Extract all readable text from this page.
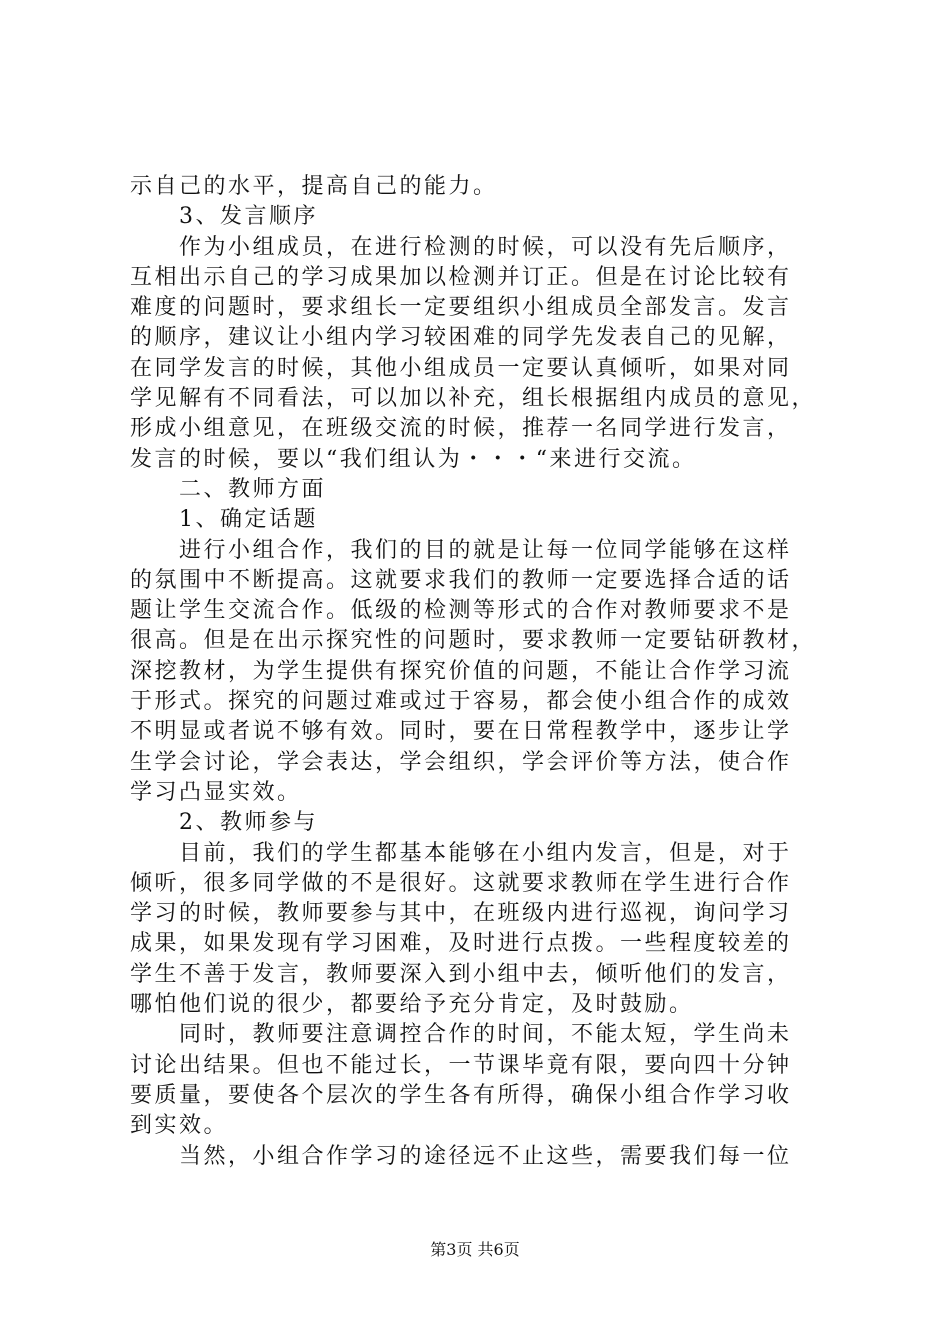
示自己的水平，提高自己的能力。
　　3、发言顺序
　　作为小组成员，在进行检测的时候，可以没有先后顺序，
互相出示自己的学习成果加以检测并订正。但是在讨论比较有
难度的问题时，要求组长一定要组织小组成员全部发言。发言
的顺序，建议让小组内学习较困难的同学先发表自己的见解，
在同学发言的时候，其他小组成员一定要认真倾听，如果对同
学见解有不同看法，可以加以补充，组长根据组内成员的意见，
形成小组意见，在班级交流的时候，推荐一名同学进行发言，
发言的时候，要以“我们组认为・・・“来进行交流。
　　二、教师方面
　　1、确定话题
　　进行小组合作，我们的目的就是让每一位同学能够在这样
的氛围中不断提高。这就要求我们的教师一定要选择合适的话
题让学生交流合作。低级的检测等形式的合作对教师要求不是
很高。但是在出示探究性的问题时，要求教师一定要钻研教材，
深挖教材，为学生提供有探究价值的问题，不能让合作学习流
于形式。探究的问题过难或过于容易，都会使小组合作的成效
不明显或者说不够有效。同时，要在日常程教学中，逐步让学
生学会讨论，学会表达，学会组织，学会评价等方法，使合作
学习凸显实效。
　　2、教师参与
　　目前，我们的学生都基本能够在小组内发言，但是，对于
倾听，很多同学做的不是很好。这就要求教师在学生进行合作
学习的时候，教师要参与其中，在班级内进行巡视，询问学习
成果，如果发现有学习困难，及时进行点拨。一些程度较差的
学生不善于发言，教师要深入到小组中去，倾听他们的发言，
哪怕他们说的很少，都要给予充分肯定，及时鼓励。
　　同时，教师要注意调控合作的时间，不能太短，学生尚未
讨论出结果。但也不能过长，一节课毕竟有限，要向四十分钟
要质量，要使各个层次的学生各有所得，确保小组合作学习收
到实效。
　　当然，小组合作学习的途径远不止这些，需要我们每一位
第3页 共6页
